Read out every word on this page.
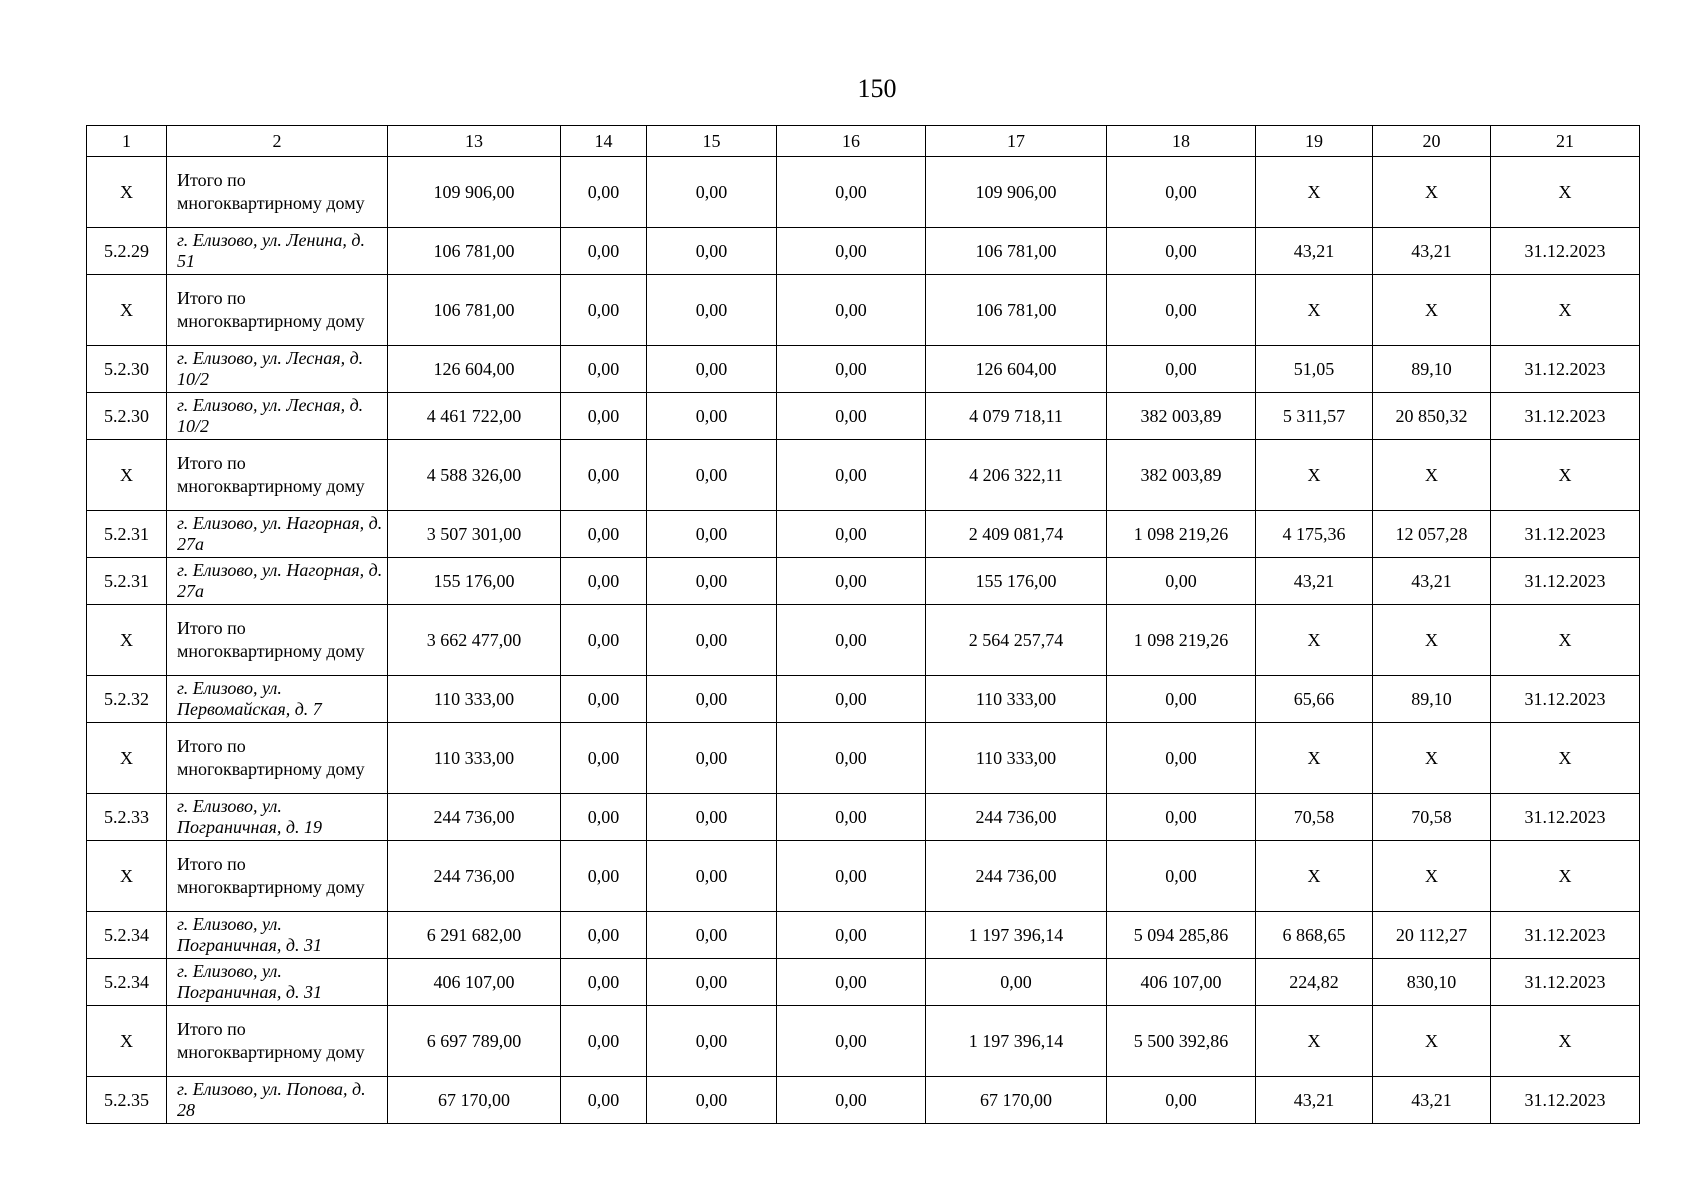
150
1	2	13	14	15	16	17	18	19	20	21
X	Итого по многоквартирному дому	109 906,00	0,00	0,00	0,00	109 906,00	0,00	X	X	X
5.2.29	г. Елизово, ул. Ленина, д. 51	106 781,00	0,00	0,00	0,00	106 781,00	0,00	43,21	43,21	31.12.2023
X	Итого по многоквартирному дому	106 781,00	0,00	0,00	0,00	106 781,00	0,00	X	X	X
5.2.30	г. Елизово, ул. Лесная, д. 10/2	126 604,00	0,00	0,00	0,00	126 604,00	0,00	51,05	89,10	31.12.2023
5.2.30	г. Елизово, ул. Лесная, д. 10/2	4 461 722,00	0,00	0,00	0,00	4 079 718,11	382 003,89	5 311,57	20 850,32	31.12.2023
X	Итого по многоквартирному дому	4 588 326,00	0,00	0,00	0,00	4 206 322,11	382 003,89	X	X	X
5.2.31	г. Елизово, ул. Нагорная, д. 27а	3 507 301,00	0,00	0,00	0,00	2 409 081,74	1 098 219,26	4 175,36	12 057,28	31.12.2023
5.2.31	г. Елизово, ул. Нагорная, д. 27а	155 176,00	0,00	0,00	0,00	155 176,00	0,00	43,21	43,21	31.12.2023
X	Итого по многоквартирному дому	3 662 477,00	0,00	0,00	0,00	2 564 257,74	1 098 219,26	X	X	X
5.2.32	г. Елизово, ул. Первомайская, д. 7	110 333,00	0,00	0,00	0,00	110 333,00	0,00	65,66	89,10	31.12.2023
X	Итого по многоквартирному дому	110 333,00	0,00	0,00	0,00	110 333,00	0,00	X	X	X
5.2.33	г. Елизово, ул. Пограничная, д. 19	244 736,00	0,00	0,00	0,00	244 736,00	0,00	70,58	70,58	31.12.2023
X	Итого по многоквартирному дому	244 736,00	0,00	0,00	0,00	244 736,00	0,00	X	X	X
5.2.34	г. Елизово, ул. Пограничная, д. 31	6 291 682,00	0,00	0,00	0,00	1 197 396,14	5 094 285,86	6 868,65	20 112,27	31.12.2023
5.2.34	г. Елизово, ул. Пограничная, д. 31	406 107,00	0,00	0,00	0,00	0,00	406 107,00	224,82	830,10	31.12.2023
X	Итого по многоквартирному дому	6 697 789,00	0,00	0,00	0,00	1 197 396,14	5 500 392,86	X	X	X
5.2.35	г. Елизово, ул. Попова, д. 28	67 170,00	0,00	0,00	0,00	67 170,00	0,00	43,21	43,21	31.12.2023
